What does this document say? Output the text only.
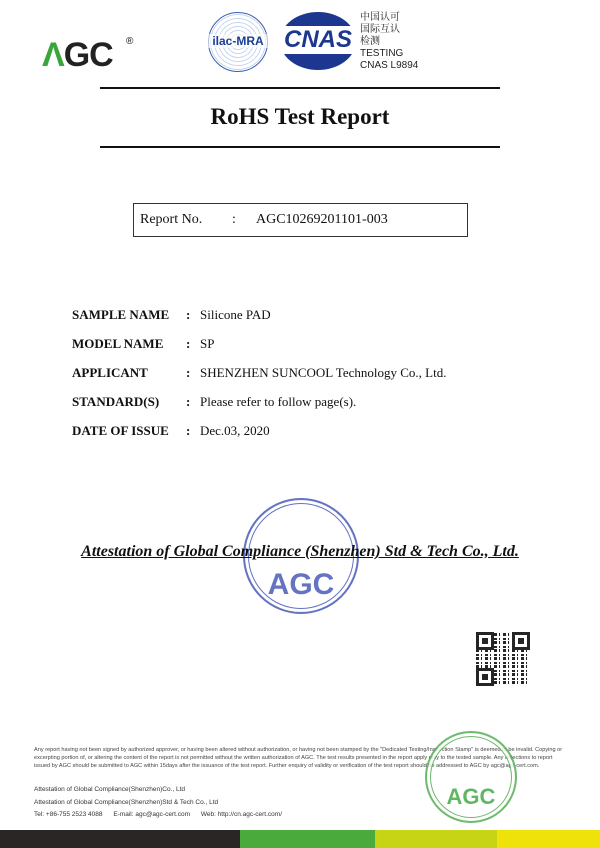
ΛGC ®	ilac-MRA CNAS
中国认可
国际互认
检测
TESTING
CNAS L9894
RoHS Test Report
Report No. : AGC10269201101-003
SAMPLE NAME : Silicone PAD
MODEL NAME : SP
APPLICANT	: SHENZHEN SUNCOOL Technology Co., Ltd.
STANDARD(S) : Please refer to follow page(s).
DATE OF ISSUE : Dec.03, 2020
AGC
Attestation of Global Compliance (Shenzhen) Std & Tech Co., Ltd.
Any report having not been signed by authorized approver, or having been altered without authorization, or having not been stamped by the "Dedicated Testing/Inspection Stamp" is deemed to be invalid. Copying or excerpting portion of, or altering the content of the report is not permitted without the written authorization of AGC. The test results presented in the report apply only to the tested sample. Any objections to report issued by AGC should be submitted to AGC within 15days after the issuance of the test report. Further enquiry of validity or verification of the test report should be addressed to AGC by agc@agc-cert.com.
AGC
Attestation of Global Compliance(Shenzhen)Co., Ltd
Attestation of Global Compliance(Shenzhen)Std & Tech Co., Ltd
Tel: +86-755 2523 4088      E-mail: agc@agc-cert.com      Web: http://cn.agc-cert.com/
